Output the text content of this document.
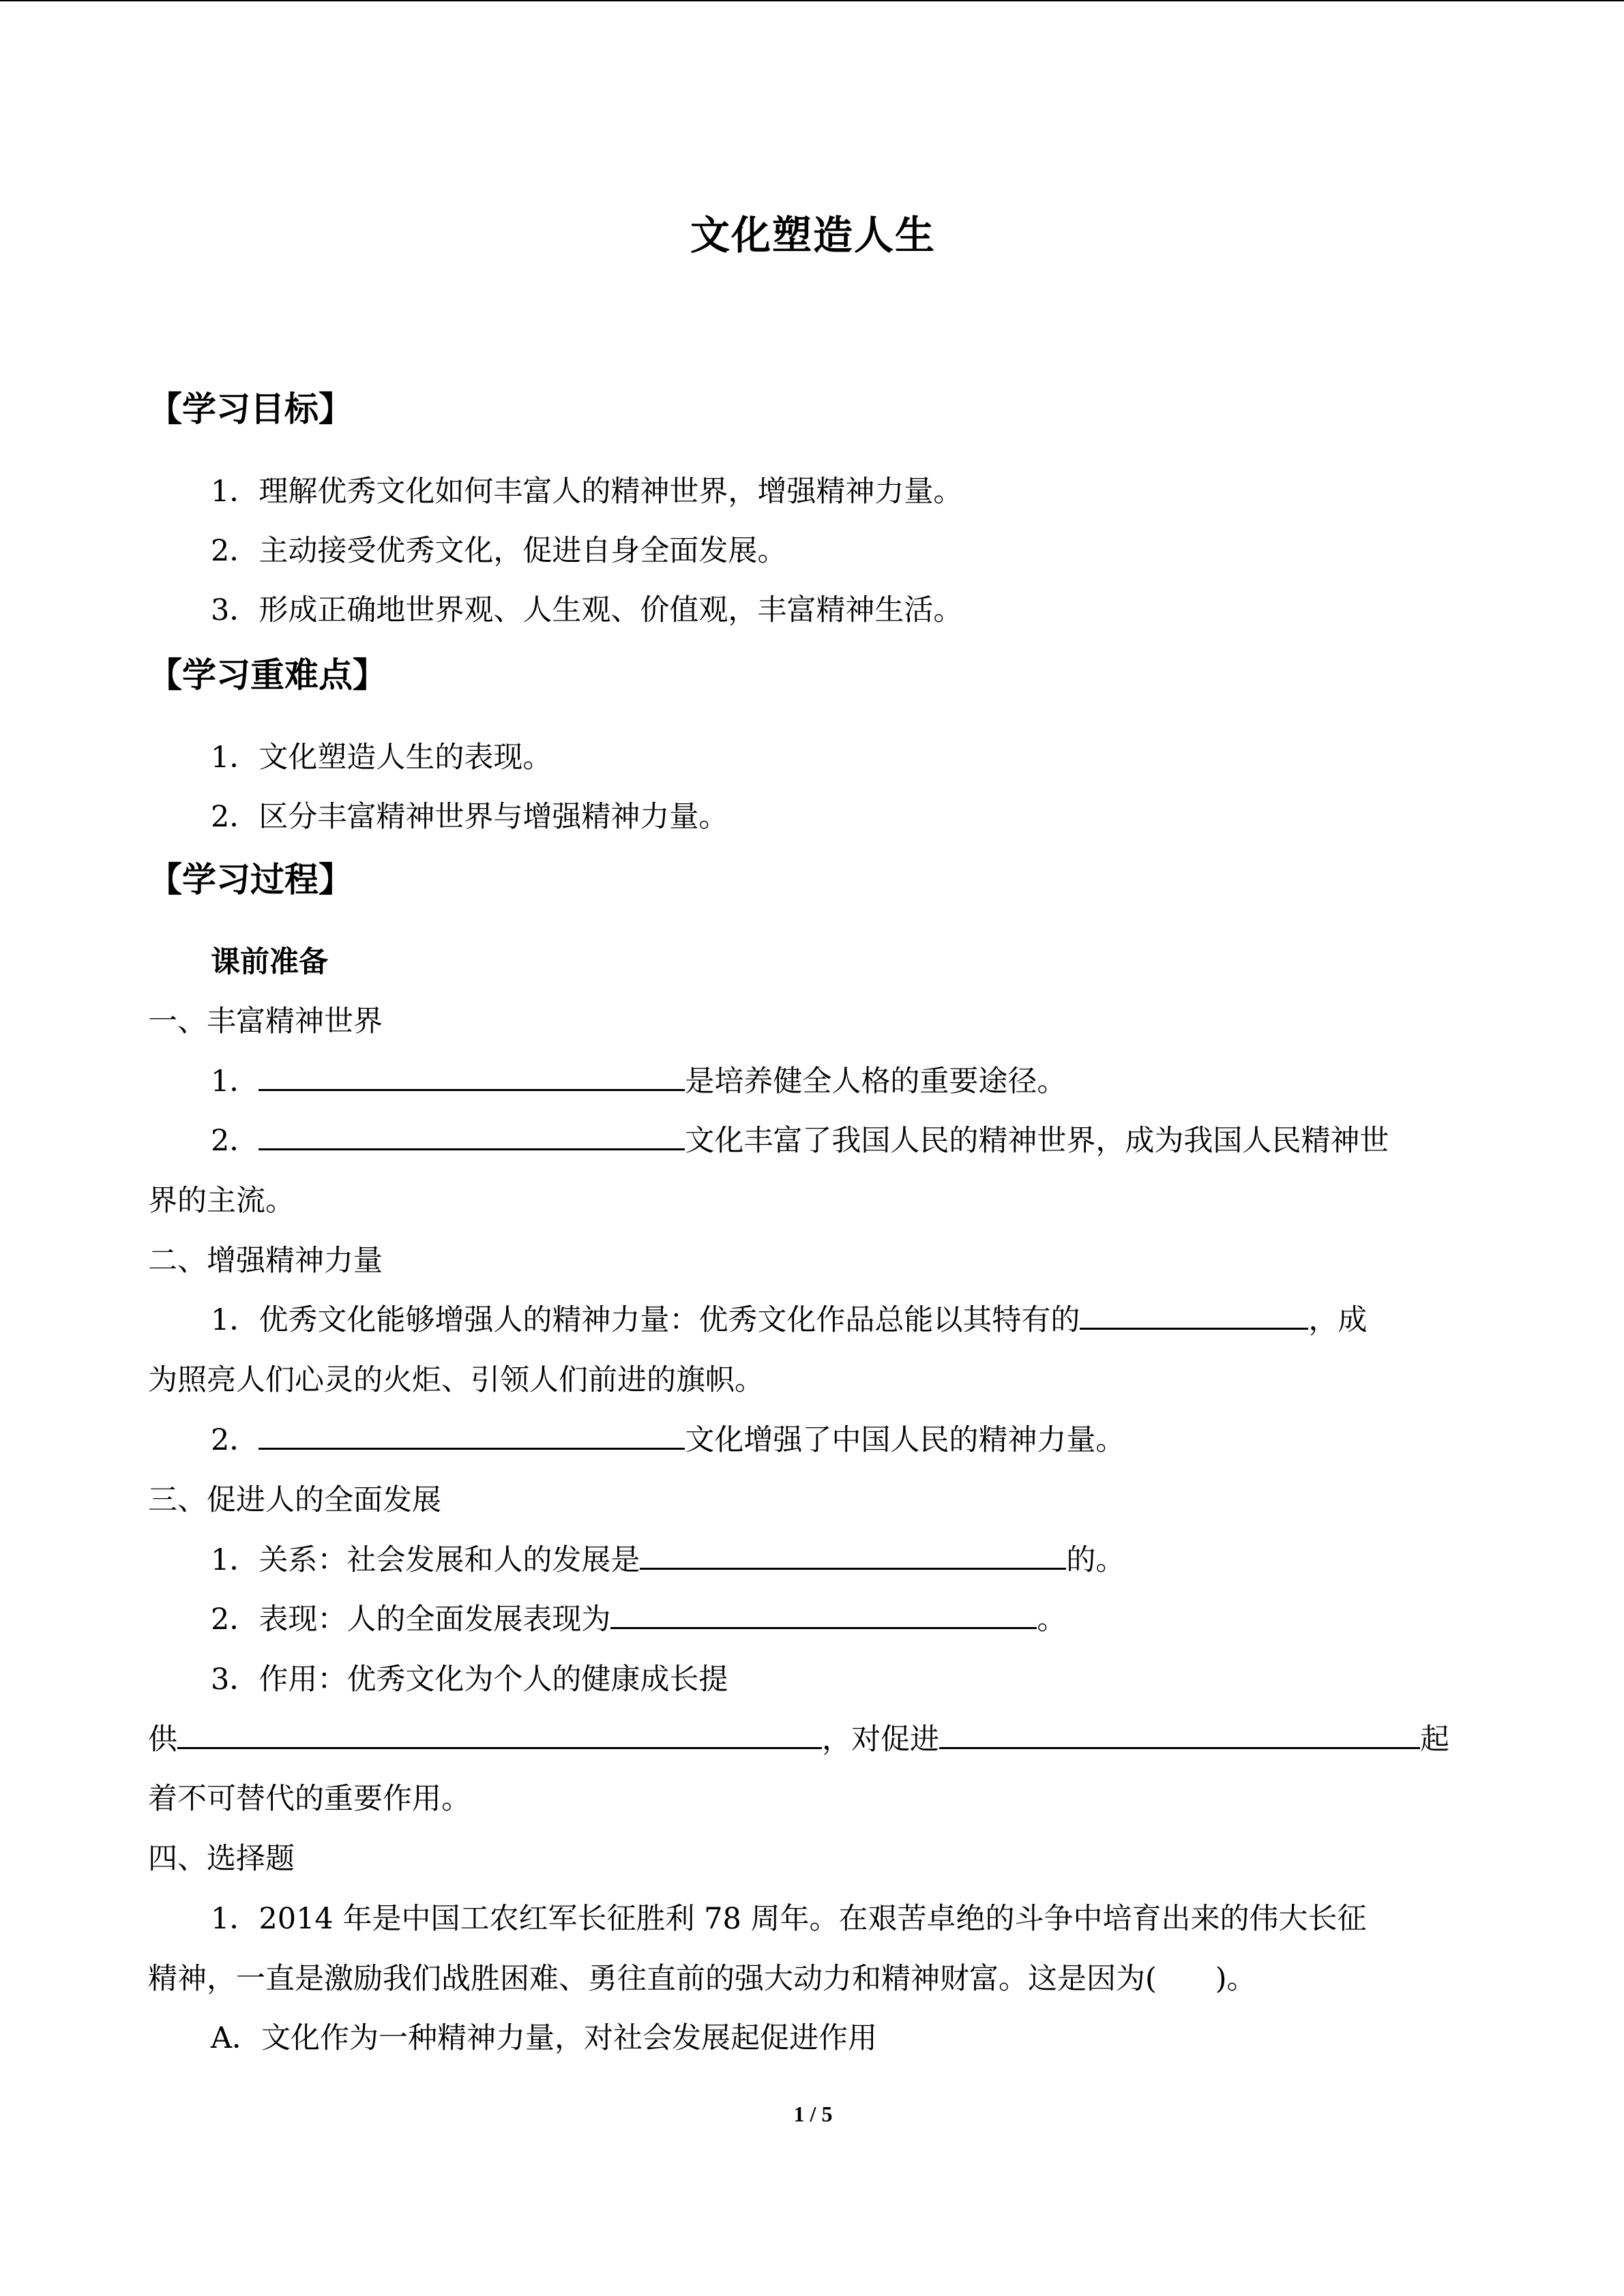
文化塑造人生
【学习目标】
1．理解优秀文化如何丰富人的精神世界，增强精神力量。
2．主动接受优秀文化，促进自身全面发展。
3．形成正确地世界观、人生观、价值观，丰富精神生活。
【学习重难点】
1．文化塑造人生的表现。
2．区分丰富精神世界与增强精神力量。
【学习过程】
课前准备
一、丰富精神世界
1．	是培养健全人格的重要途径。
2．	文化丰富了我国人民的精神世界，成为我国人民精神世
界的主流。
二、增强精神力量
1．优秀文化能够增强人的精神力量：优秀文化作品总能以其特有的	，成
为照亮人们心灵的火炬、引领人们前进的旗帜。
2．	文化增强了中国人民的精神力量。
三、促进人的全面发展
1．关系：社会发展和人的发展是	的。
2．表现：人的全面发展表现为	。
3．作用：优秀文化为个人的健康成长提
供	，对促进	起
着不可替代的重要作用。
四、选择题
1．2014 年是中国工农红军长征胜利 78 周年。在艰苦卓绝的斗争中培育出来的伟大长征
精神，一直是激励我们战胜困难、勇往直前的强大动力和精神财富。这是因为(　　)。
A．文化作为一种精神力量，对社会发展起促进作用
1 / 5
